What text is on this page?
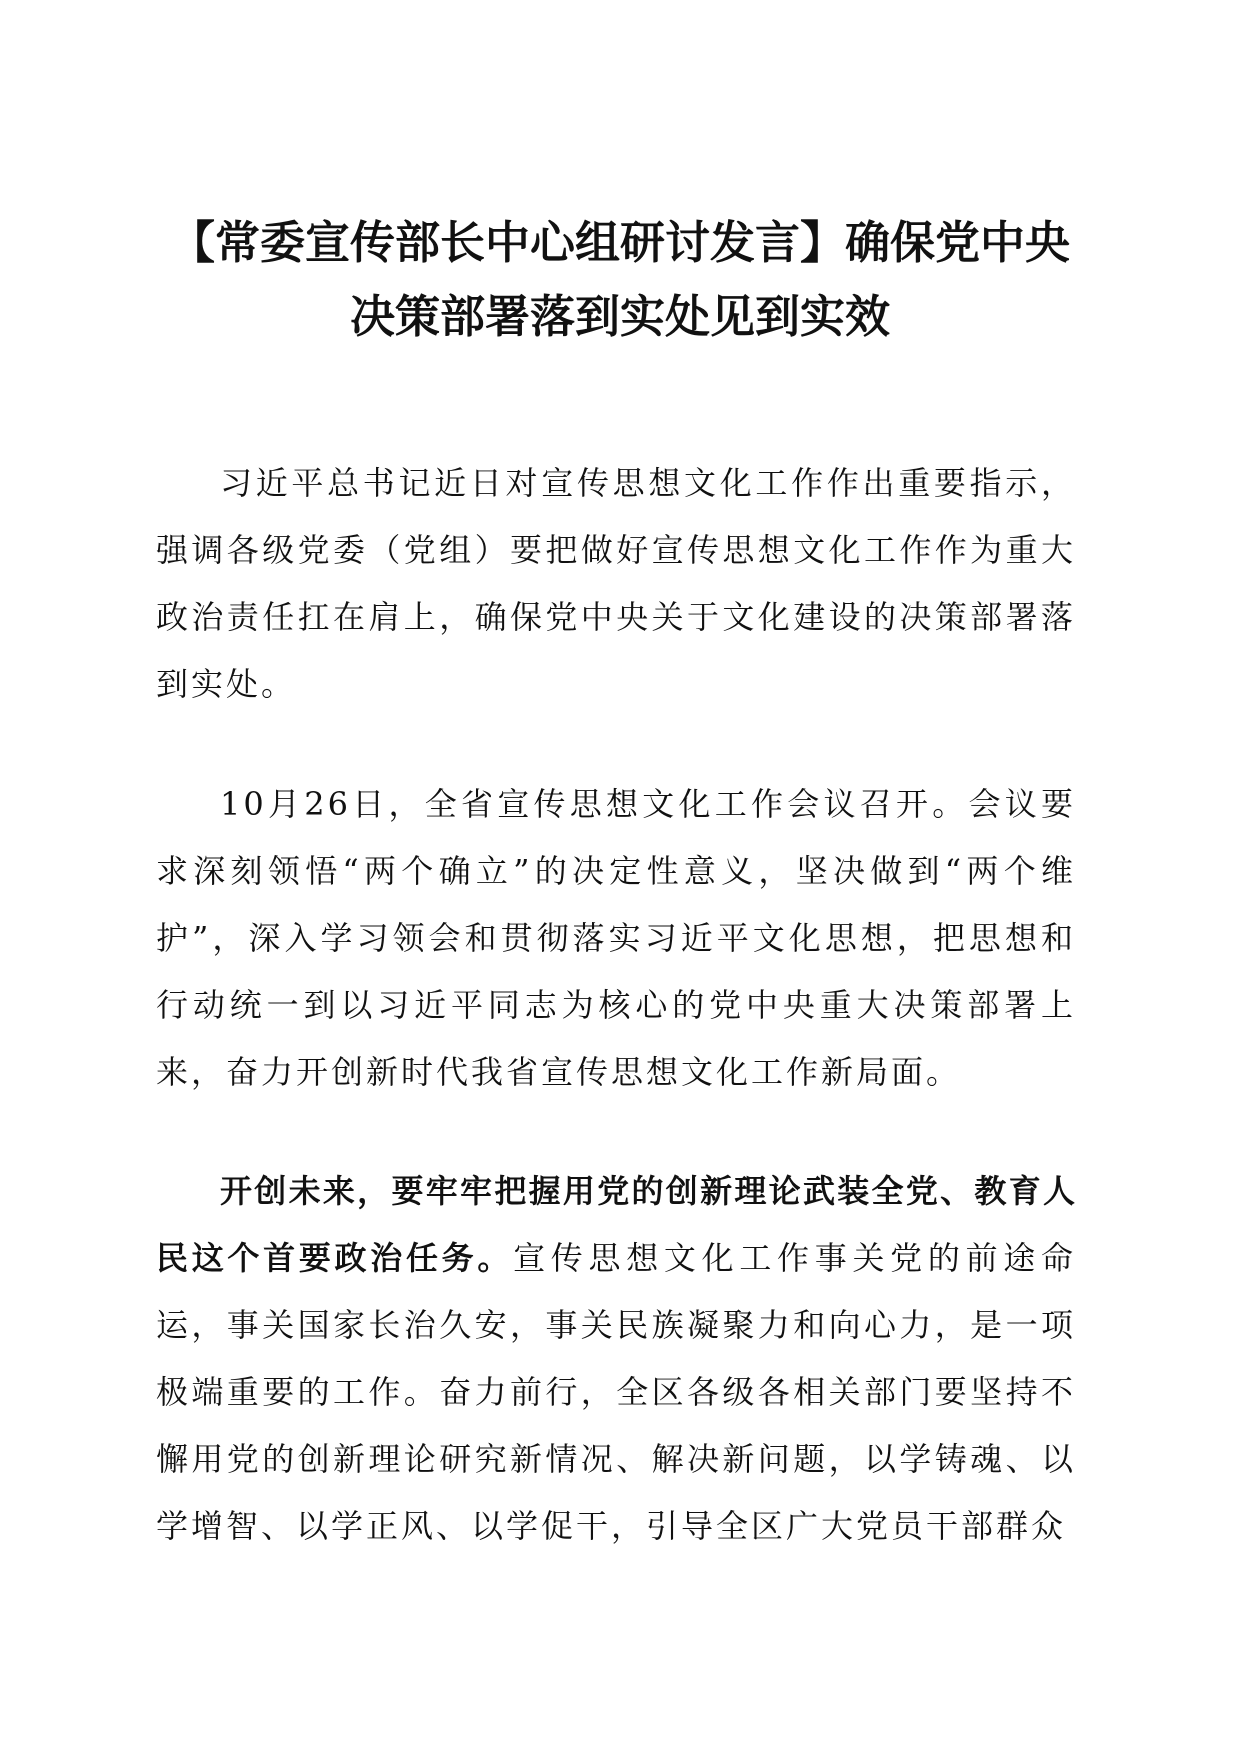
【常委宣传部长中心组研讨发言】确保党中央
决策部署落到实处见到实效

习近平总书记近日对宣传思想文化工作作出重要指示，强调各级党委（党组）要把做好宣传思想文化工作作为重大政治责任扛在肩上，确保党中央关于文化建设的决策部署落到实处。

10月26日，全省宣传思想文化工作会议召开。会议要求深刻领悟“两个确立”的决定性意义，坚决做到“两个维护”，深入学习领会和贯彻落实习近平文化思想，把思想和行动统一到以习近平同志为核心的党中央重大决策部署上来，奋力开创新时代我省宣传思想文化工作新局面。

开创未来，要牢牢把握用党的创新理论武装全党、教育人民这个首要政治任务。宣传思想文化工作事关党的前途命运，事关国家长治久安，事关民族凝聚力和向心力，是一项极端重要的工作。奋力前行，全区各级各相关部门要坚持不懈用党的创新理论研究新情况、解决新问题，以学铸魂、以学增智、以学正风、以学促干，引导全区广大党员干部群众
